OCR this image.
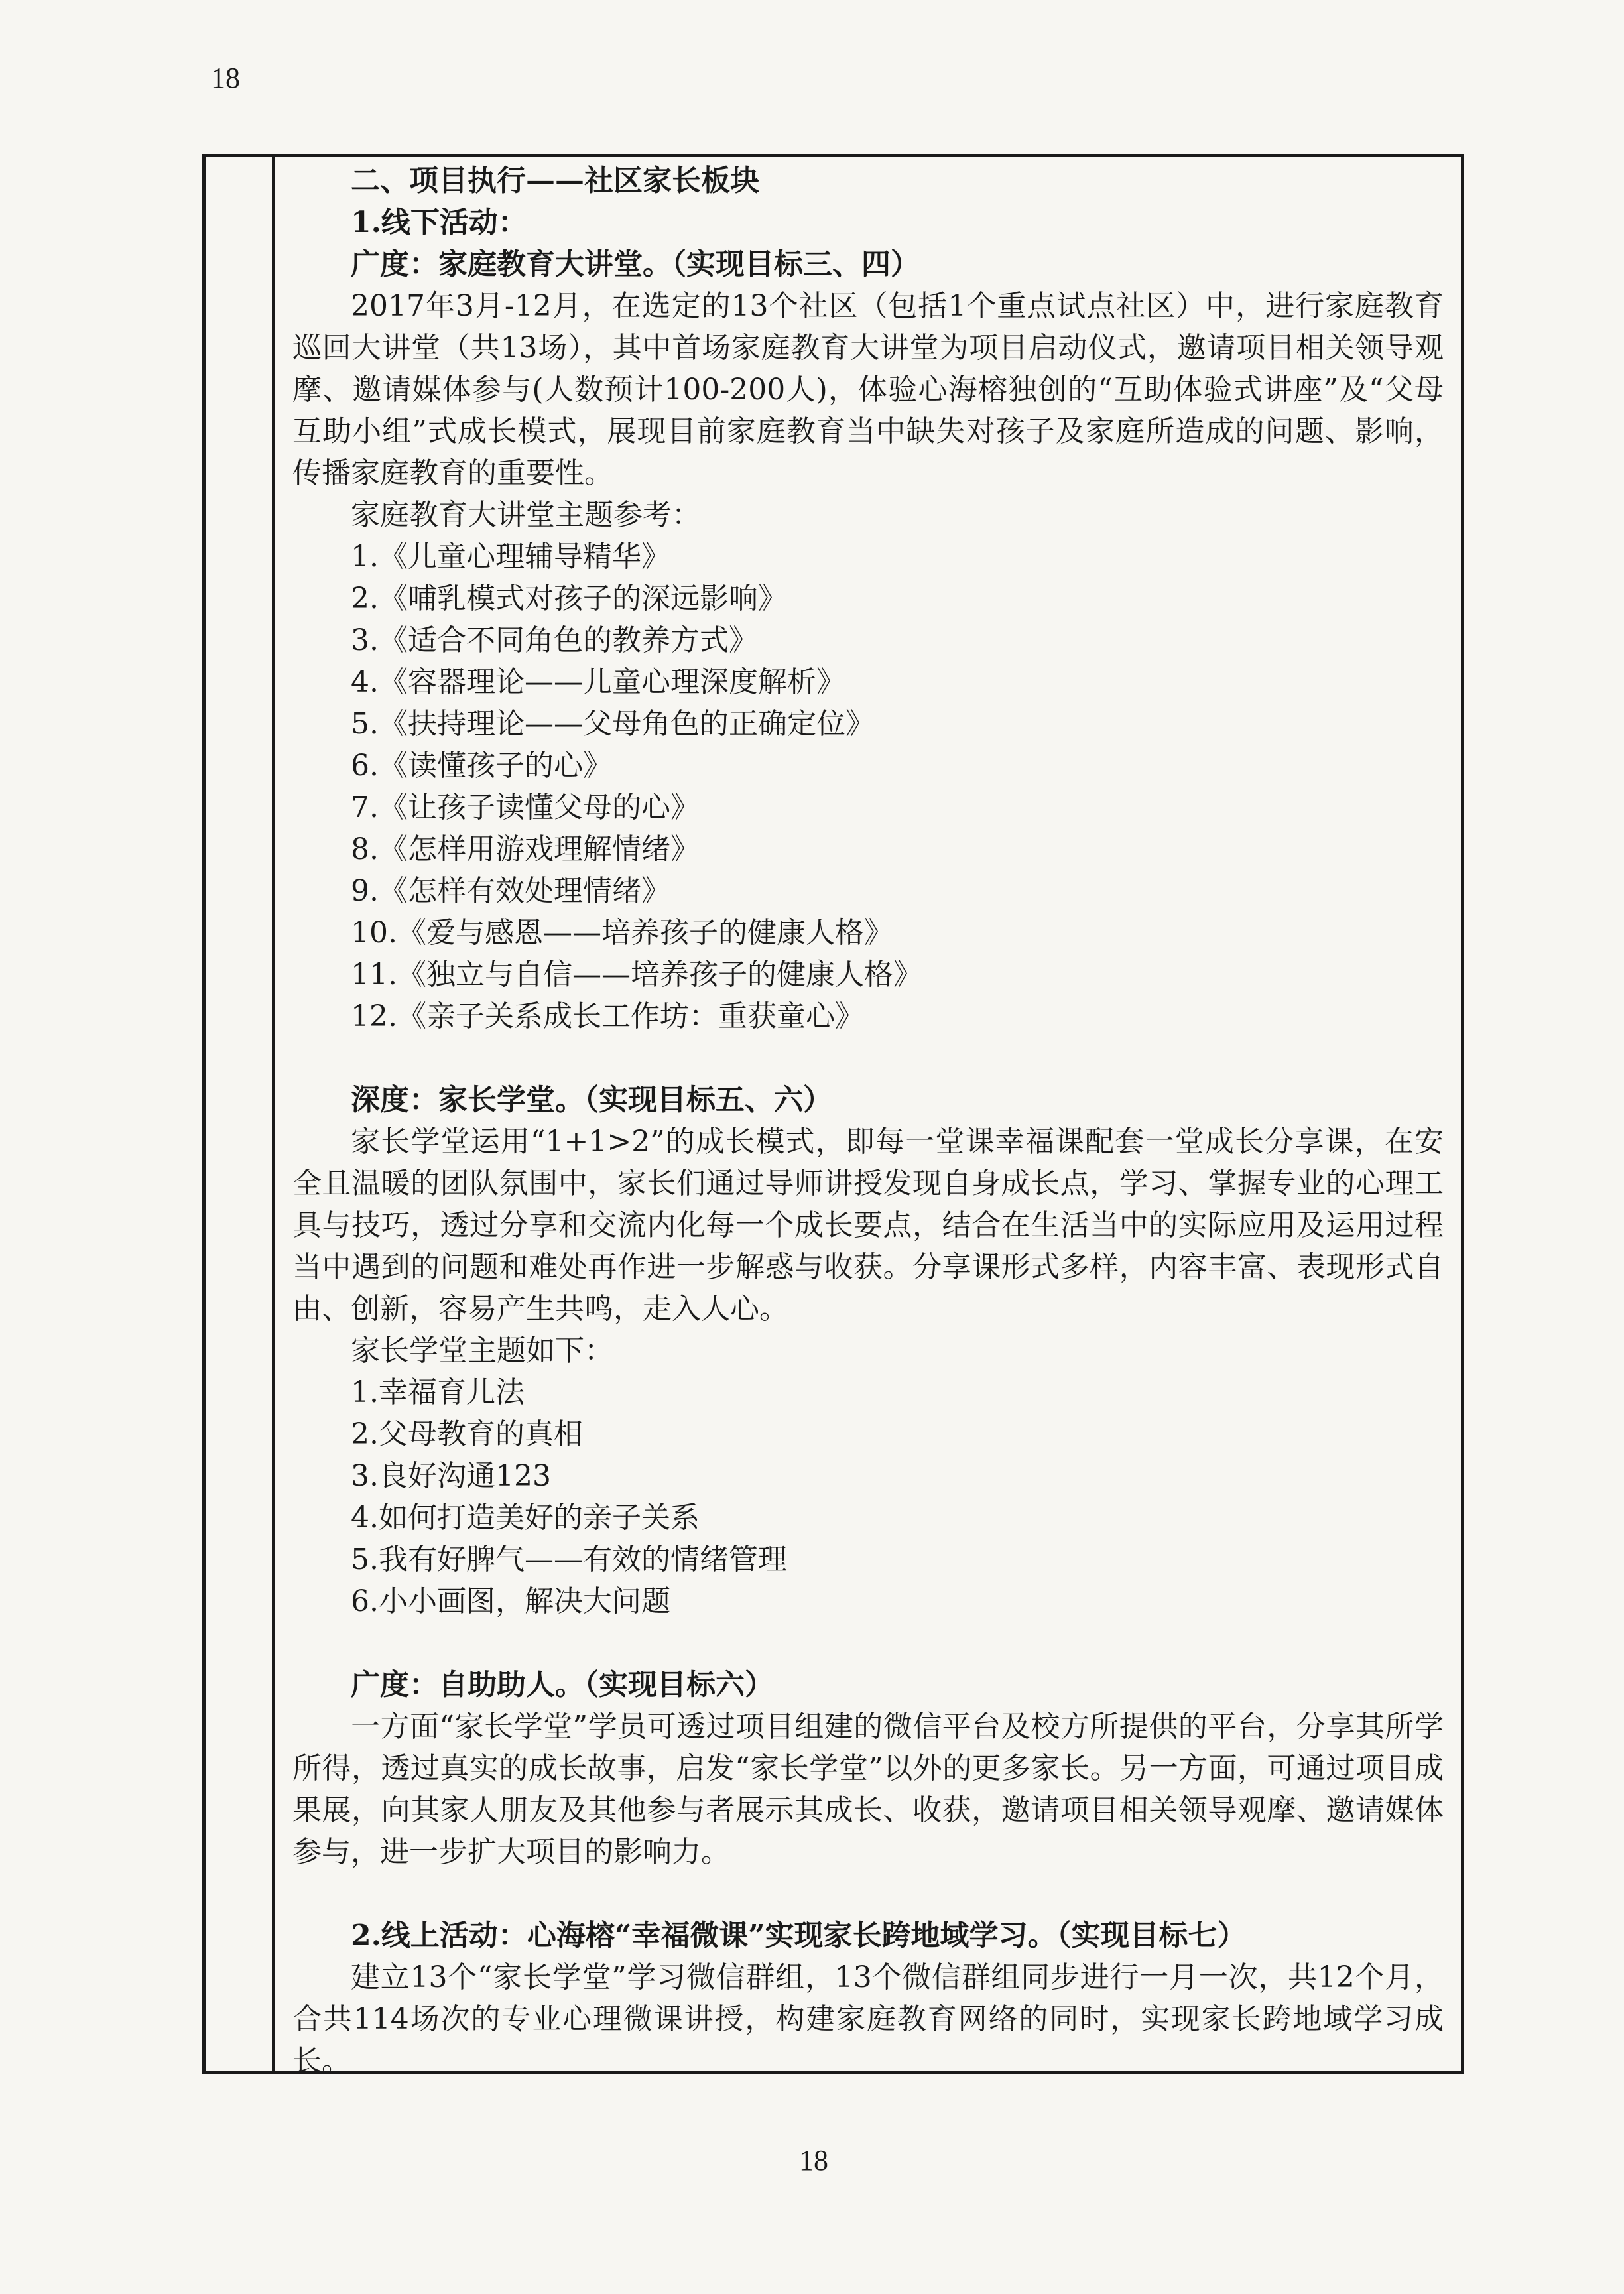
18

二、项目执行——社区家长板块

1.线下活动：

广度：家庭教育大讲堂。（实现目标三、四）

2017年3月-12月，在选定的13个社区（包括1个重点试点社区）中，进行家庭教育巡回大讲堂（共13场），其中首场家庭教育大讲堂为项目启动仪式，邀请项目相关领导观摩、邀请媒体参与(人数预计100-200人)，体验心海榕独创的“互助体验式讲座”及“父母互助小组”式成长模式，展现目前家庭教育当中缺失对孩子及家庭所造成的问题、影响，传播家庭教育的重要性。

家庭教育大讲堂主题参考：

1.《儿童心理辅导精华》

2.《哺乳模式对孩子的深远影响》

3.《适合不同角色的教养方式》

4.《容器理论——儿童心理深度解析》

5.《扶持理论——父母角色的正确定位》

6.《读懂孩子的心》

7.《让孩子读懂父母的心》

8.《怎样用游戏理解情绪》

9.《怎样有效处理情绪》

10.《爱与感恩——培养孩子的健康人格》

11.《独立与自信——培养孩子的健康人格》

12.《亲子关系成长工作坊：重获童心》

深度：家长学堂。（实现目标五、六）

家长学堂运用“1+1>2”的成长模式，即每一堂课幸福课配套一堂成长分享课，在安全且温暖的团队氛围中，家长们通过导师讲授发现自身成长点，学习、掌握专业的心理工具与技巧，透过分享和交流内化每一个成长要点，结合在生活当中的实际应用及运用过程当中遇到的问题和难处再作进一步解惑与收获。分享课形式多样，内容丰富、表现形式自由、创新，容易产生共鸣，走入人心。

家长学堂主题如下：

1.幸福育儿法

2.父母教育的真相

3.良好沟通123

4.如何打造美好的亲子关系

5.我有好脾气——有效的情绪管理

6.小小画图，解决大问题

广度：自助助人。（实现目标六）

一方面“家长学堂”学员可透过项目组建的微信平台及校方所提供的平台，分享其所学所得，透过真实的成长故事，启发“家长学堂”以外的更多家长。另一方面，可通过项目成果展，向其家人朋友及其他参与者展示其成长、收获，邀请项目相关领导观摩、邀请媒体参与，进一步扩大项目的影响力。

2.线上活动：心海榕“幸福微课”实现家长跨地域学习。（实现目标七）

建立13个“家长学堂”学习微信群组，13个微信群组同步进行一月一次，共12个月，合共114场次的专业心理微课讲授，构建家庭教育网络的同时，实现家长跨地域学习成长。

18
